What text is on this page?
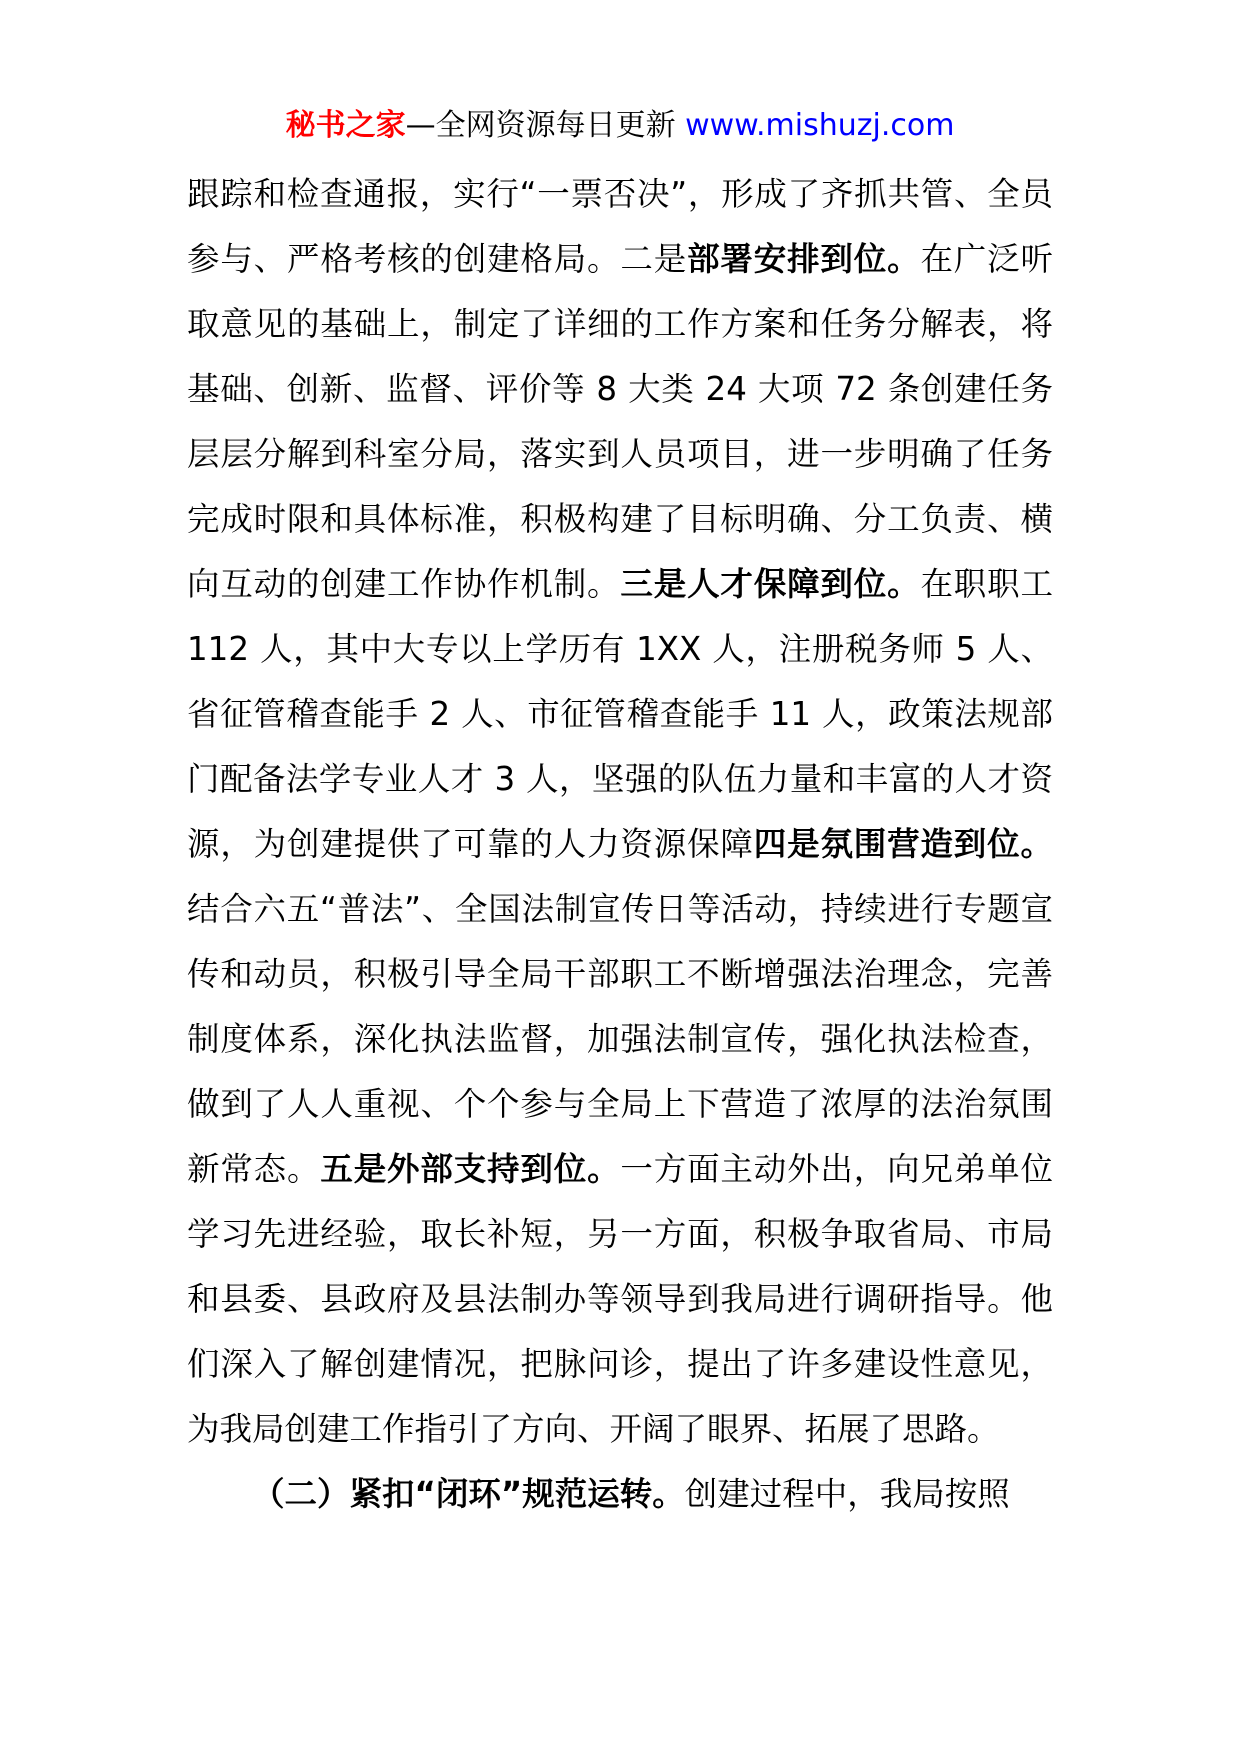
秘书之家—全网资源每日更新 www.mishuzj.com

跟踪和检查通报，实行“一票否决”，形成了齐抓共管、全员参与、严格考核的创建格局。二是部署安排到位。在广泛听取意见的基础上，制定了详细的工作方案和任务分解表，将基础、创新、监督、评价等 8 大类 24 大项 72 条创建任务层层分解到科室分局，落实到人员项目，进一步明确了任务完成时限和具体标准，积极构建了目标明确、分工负责、横向互动的创建工作协作机制。三是人才保障到位。在职职工 112 人，其中大专以上学历有 1XX 人，注册税务师 5 人、省征管稽查能手 2 人、市征管稽查能手 11 人，政策法规部门配备法学专业人才 3 人，坚强的队伍力量和丰富的人才资源，为创建提供了可靠的人力资源保障四是氛围营造到位。结合六五“普法”、全国法制宣传日等活动，持续进行专题宣传和动员，积极引导全局干部职工不断增强法治理念，完善制度体系，深化执法监督，加强法制宣传，强化执法检查，做到了人人重视、个个参与全局上下营造了浓厚的法治氛围新常态。五是外部支持到位。一方面主动外出，向兄弟单位学习先进经验，取长补短，另一方面，积极争取省局、市局和县委、县政府及县法制办等领导到我局进行调研指导。他们深入了解创建情况，把脉问诊，提出了许多建设性意见，为我局创建工作指引了方向、开阔了眼界、拓展了思路。

（二）紧扣“闭环”规范运转。创建过程中，我局按照
